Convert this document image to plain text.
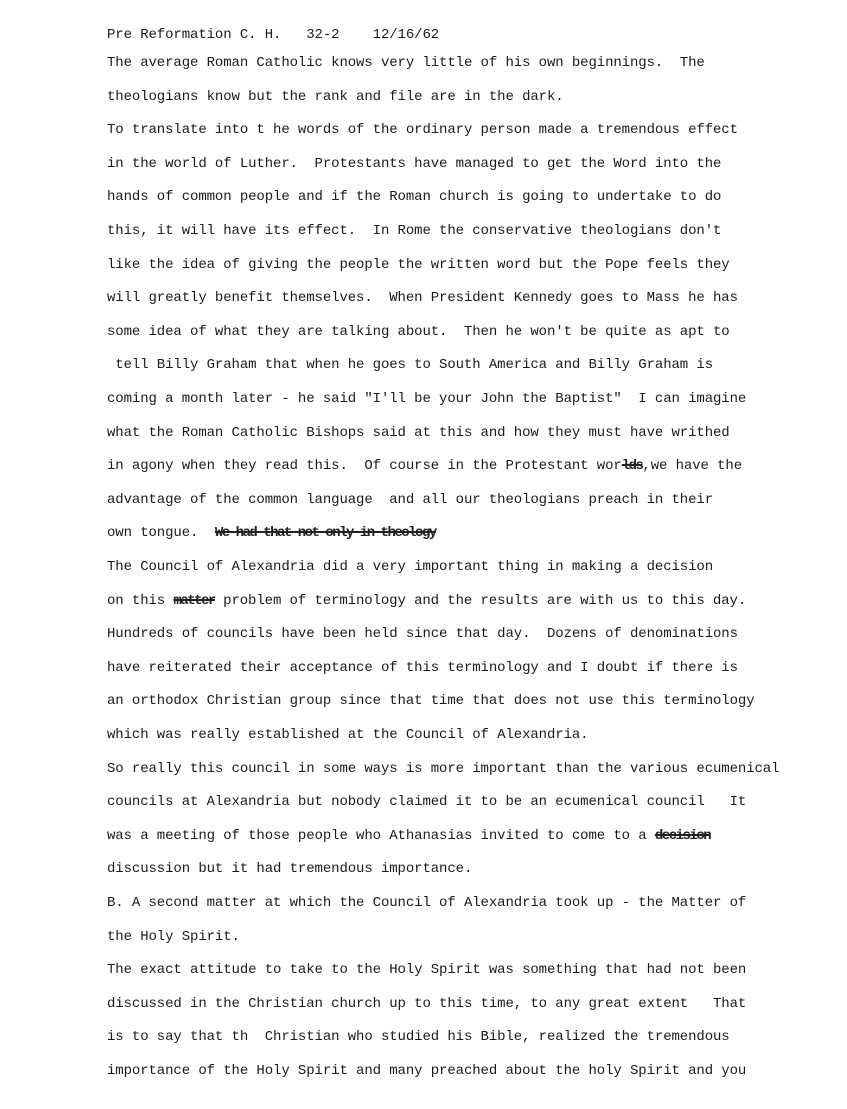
Pre Reformation C. H.   32-2    12/16/62
The average Roman Catholic knows very little of his own beginnings.  The
theologians know but the rank and file are in the dark.
To translate into t he words of the ordinary person made a tremendous effect
in the world of Luther.  Protestants have managed to get the Word into the
hands of common people and if the Roman church is going to undertake to do
this, it will have its effect.  In Rome the conservative theologians don't
like the idea of giving the people the written word but the Pope feels they
will greatly benefit themselves.  When President Kennedy goes to Mass he has
some idea of what they are talking about.  Then he won't be quite as apt to
tell Billy Graham that when he goes to South America and Billy Graham is
coming a month later - he said "I'll be your John the Baptist"  I can imagine
what the Roman Catholic Bishops said at this and how they must have writhed
in agony when they read this.  Of course in the Protestant worlds,we have the
advantage of the common language  and all our theologians preach in their
own tongue.  We had that not only in theology
The Council of Alexandria did a very important thing in making a decision
on this matter problem of terminology and the results are with us to this day.
Hundreds of councils have been held since that day.  Dozens of denominations
have reiterated their acceptance of this terminology and I doubt if there is
an orthodox Christian group since that time that does not use this terminology
which was really established at the Council of Alexandria.
So really this council in some ways is more important than the various ecumenical
councils at Alexandria but nobody claimed it to be an ecumenical council   It
was a meeting of those people who Athanasias invited to come to a decision
discussion but it had tremendous importance.
B. A second matter at which the Council of Alexandria took up - the Matter of
the Holy Spirit.
The exact attitude to take to the Holy Spirit was something that had not been
discussed in the Christian church up to this time, to any great extent   That
is to say that th  Christian who studied his Bible, realized the tremendous
importance of the Holy Spirit and many preached about the holy Spirit and you
